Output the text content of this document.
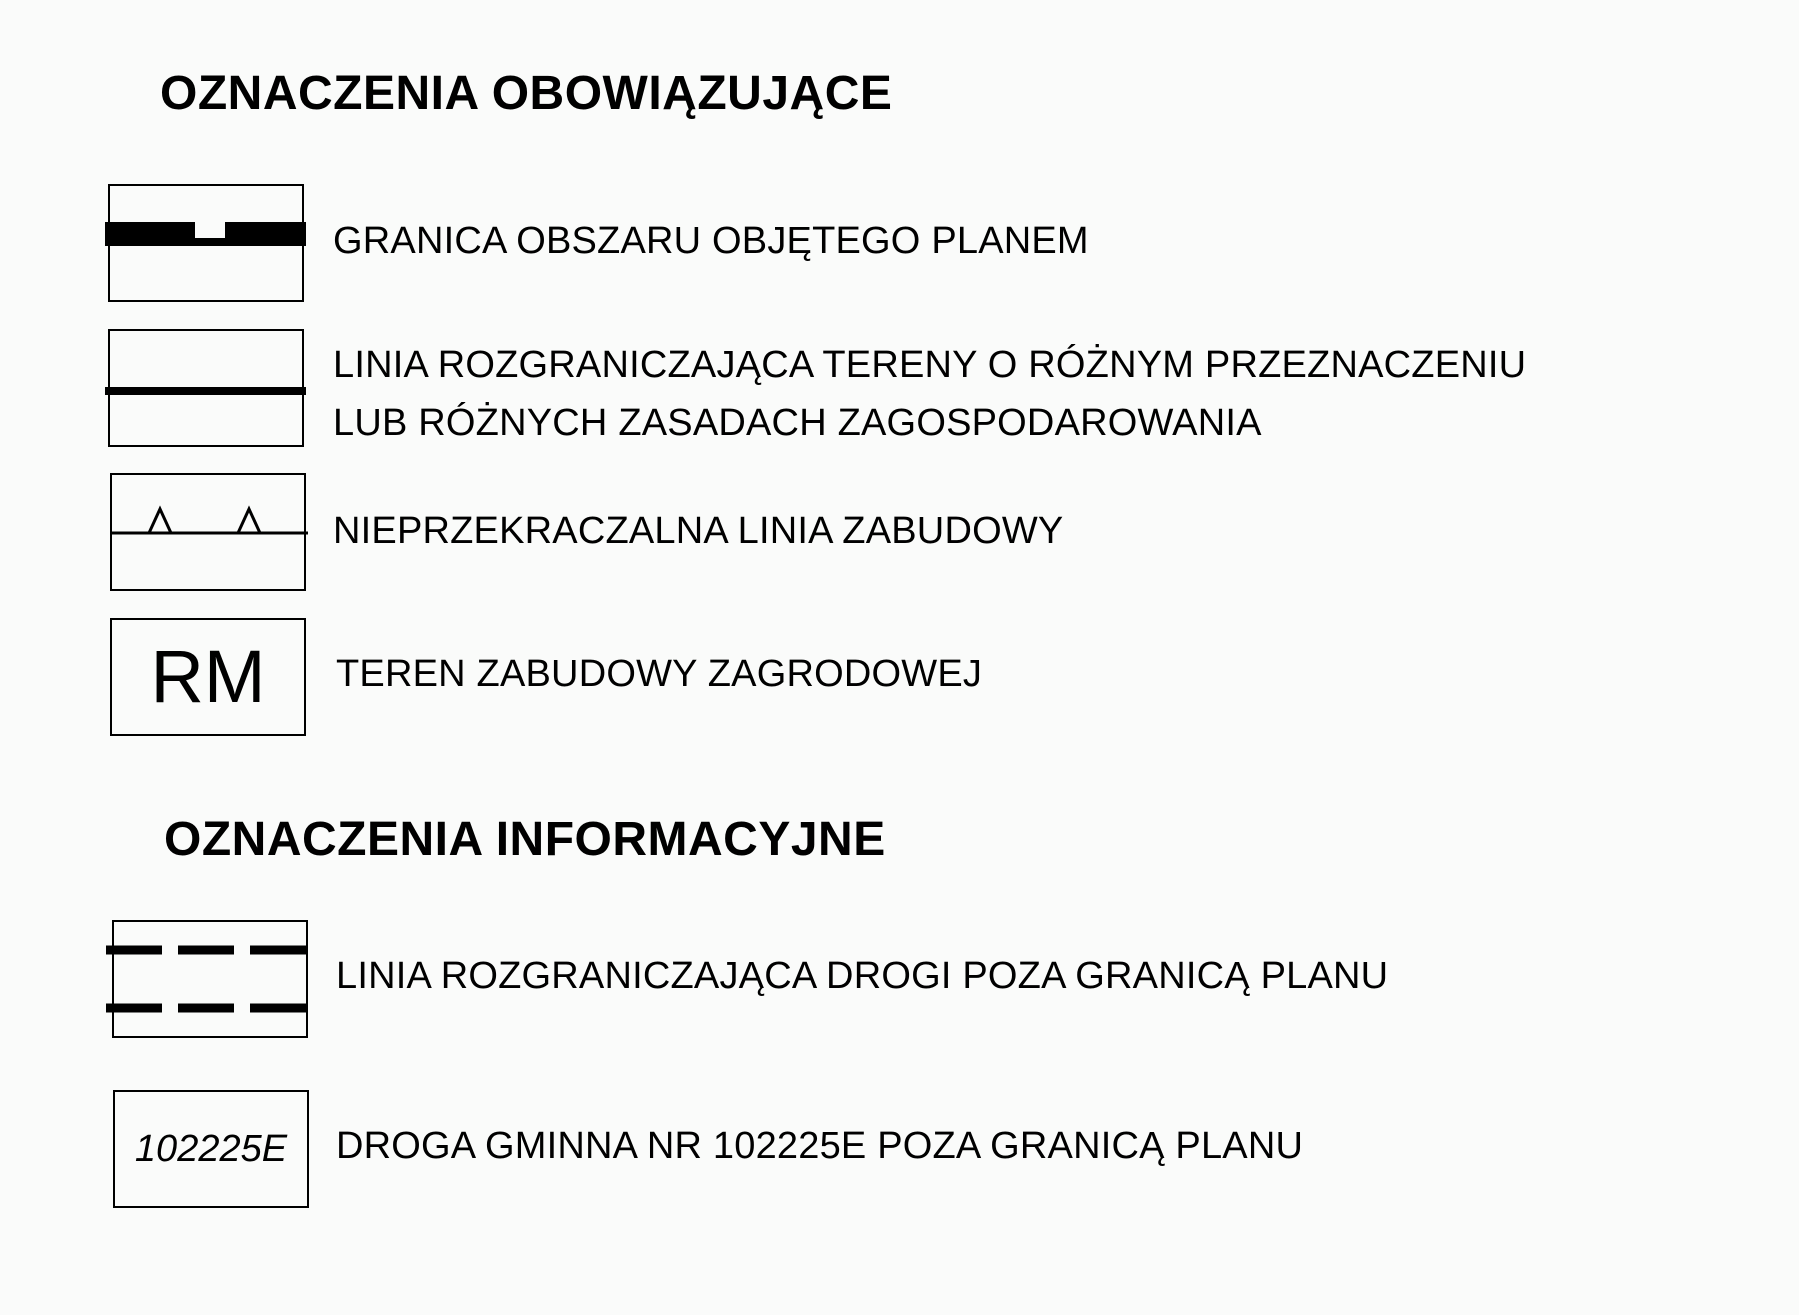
OZNACZENIA OBOWIĄZUJĄCE
GRANICA OBSZARU OBJĘTEGO PLANEM
LINIA ROZGRANICZAJĄCA TERENY O RÓŻNYM PRZEZNACZENIU
LUB RÓŻNYCH ZASADACH ZAGOSPODAROWANIA
NIEPRZEKRACZALNA LINIA ZABUDOWY
RM	TEREN ZABUDOWY ZAGRODOWEJ
OZNACZENIA INFORMACYJNE
LINIA ROZGRANICZAJĄCA DROGI POZA GRANICĄ PLANU
102225E	DROGA GMINNA NR 102225E POZA GRANICĄ PLANU
